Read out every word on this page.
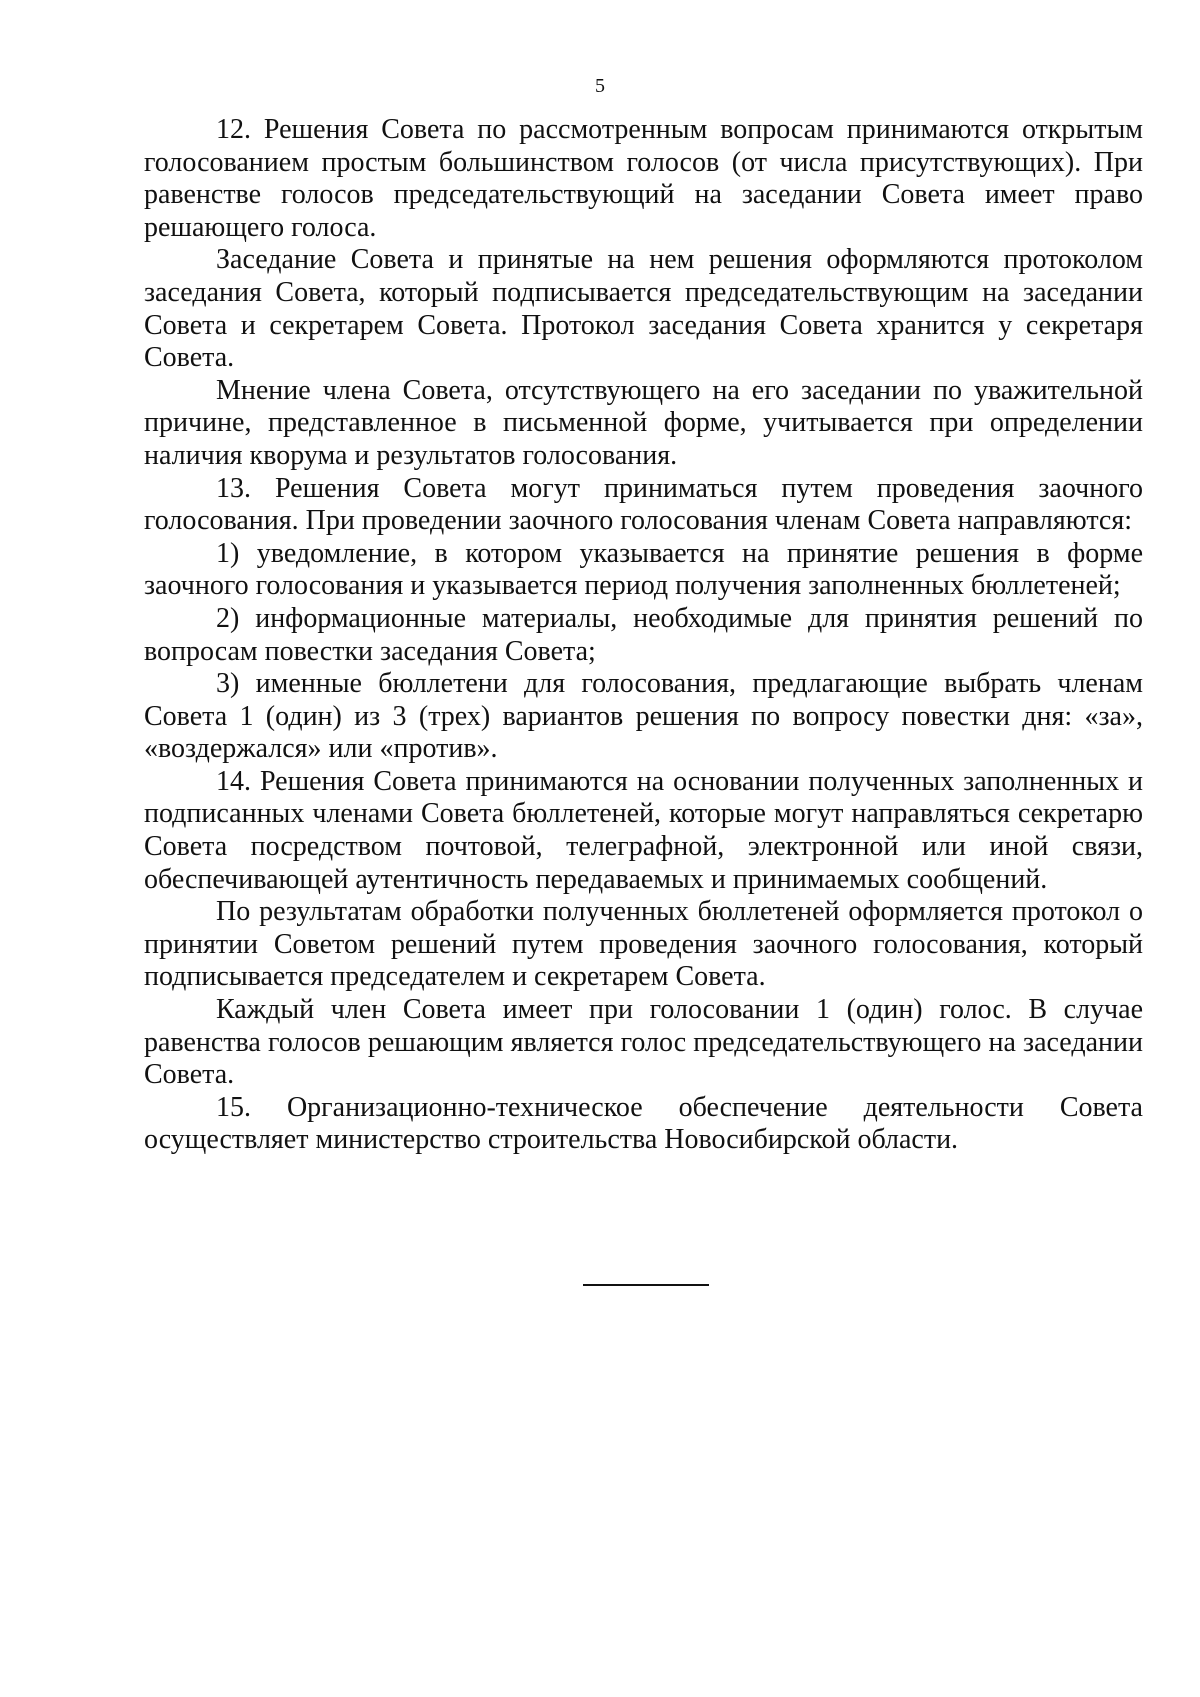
5

12. Решения Совета по рассмотренным вопросам принимаются открытым голосованием простым большинством голосов (от числа присутствующих). При равенстве голосов председательствующий на заседании Совета имеет право решающего голоса.

Заседание Совета и принятые на нем решения оформляются протоколом заседания Совета, который подписывается председательствующим на заседании Совета и секретарем Совета. Протокол заседания Совета хранится у секретаря Совета.

Мнение члена Совета, отсутствующего на его заседании по уважительной причине, представленное в письменной форме, учитывается при определении наличия кворума и результатов голосования.

13. Решения Совета могут приниматься путем проведения заочного голосования. При проведении заочного голосования членам Совета направляются:

1) уведомление, в котором указывается на принятие решения в форме заочного голосования и указывается период получения заполненных бюллетеней;

2) информационные материалы, необходимые для принятия решений по вопросам повестки заседания Совета;

3) именные бюллетени для голосования, предлагающие выбрать членам Совета 1 (один) из 3 (трех) вариантов решения по вопросу повестки дня: «за», «воздержался» или «против».

14. Решения Совета принимаются на основании полученных заполненных и подписанных членами Совета бюллетеней, которые могут направляться секретарю Совета посредством почтовой, телеграфной, электронной или иной связи, обеспечивающей аутентичность передаваемых и принимаемых сообщений.

По результатам обработки полученных бюллетеней оформляется протокол о принятии Советом решений путем проведения заочного голосования, который подписывается председателем и секретарем Совета.

Каждый член Совета имеет при голосовании 1 (один) голос. В случае равенства голосов решающим является голос председательствующего на заседании Совета.

15. Организационно-техническое обеспечение деятельности Совета осуществляет министерство строительства Новосибирской области.
